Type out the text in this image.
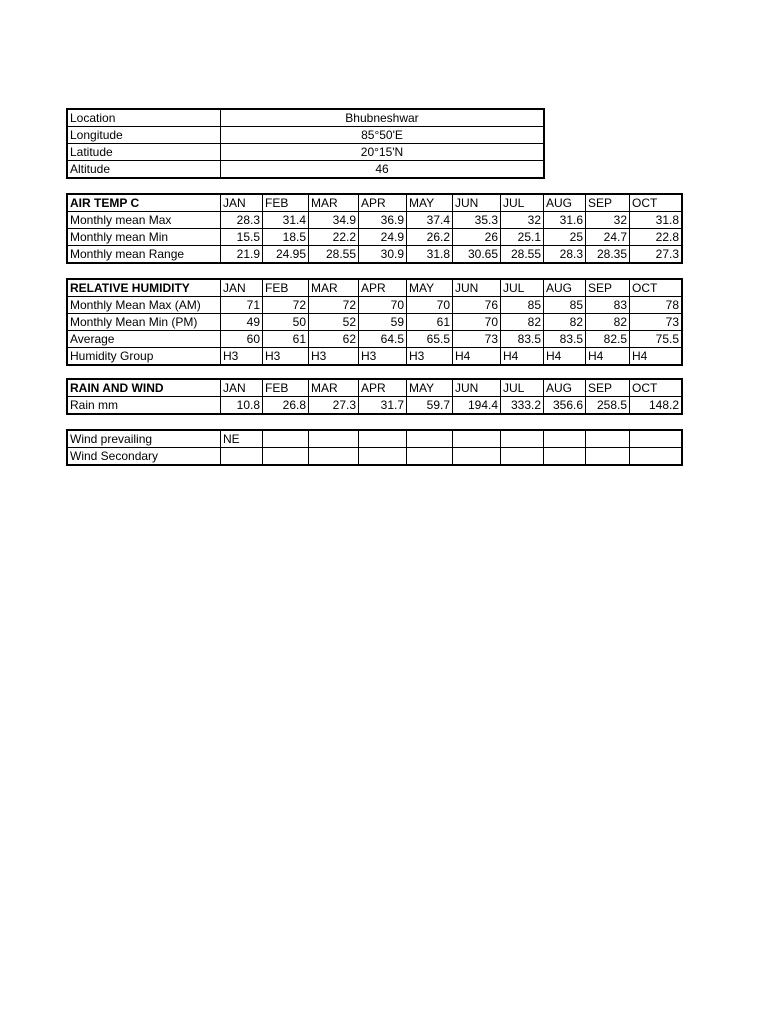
Location	Bhubneshwar
Longitude	85°50'E
Latitude	20°15'N
Altitude	46
AIR TEMP C	JAN	FEB	MAR	APR	MAY	JUN	JUL	AUG	SEP	OCT
Monthly mean Max	28.3	31.4	34.9	36.9	37.4	35.3	32	31.6	32	31.8
Monthly mean Min	15.5	18.5	22.2	24.9	26.2	26	25.1	25	24.7	22.8
Monthly mean Range	21.9	24.95	28.55	30.9	31.8	30.65	28.55	28.3	28.35	27.3
RELATIVE HUMIDITY	JAN	FEB	MAR	APR	MAY	JUN	JUL	AUG	SEP	OCT
Monthly Mean Max (AM)	71	72	72	70	70	76	85	85	83	78
Monthly Mean Min (PM)	49	50	52	59	61	70	82	82	82	73
Average	60	61	62	64.5	65.5	73	83.5	83.5	82.5	75.5
Humidity Group	H3	H3	H3	H3	H3	H4	H4	H4	H4	H4
RAIN AND WIND	JAN	FEB	MAR	APR	MAY	JUN	JUL	AUG	SEP	OCT
Rain mm	10.8	26.8	27.3	31.7	59.7	194.4	333.2	356.6	258.5	148.2
Wind prevailing	NE									
Wind Secondary										
